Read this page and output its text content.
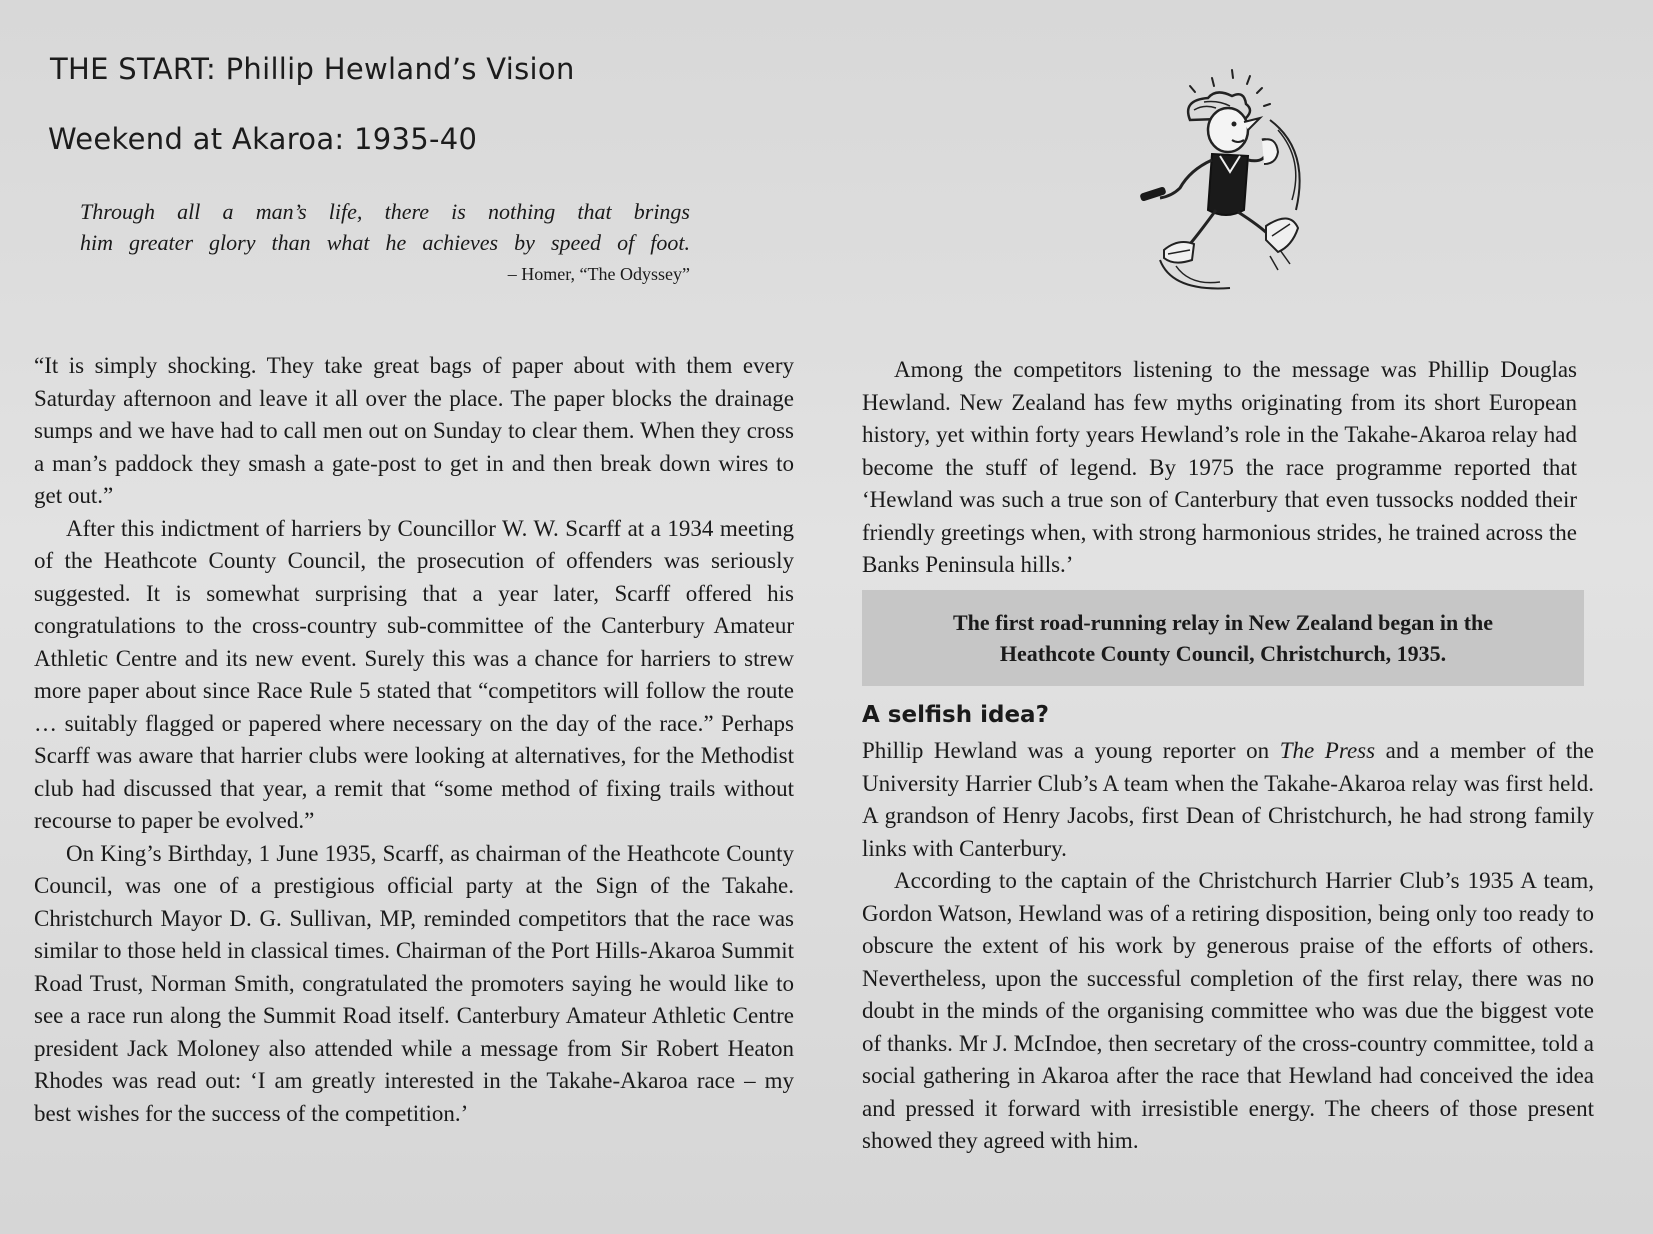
THE START: Phillip Hewland’s Vision
Weekend at Akaroa: 1935-40
Through all a man’s life, there is nothing that brings
him greater glory than what he achieves by speed of foot.
– Homer, “The Odyssey”

“It is simply shocking. They take great bags of paper about with them every Saturday afternoon and leave it all over the place. The paper blocks the drainage sumps and we have had to call men out on Sunday to clear them. When they cross a man’s paddock they smash a gate-post to get in and then break down wires to get out.”

After this indictment of harriers by Councillor W. W. Scarff at a 1934 meeting of the Heathcote County Council, the prosecution of offenders was seriously suggested. It is somewhat surprising that a year later, Scarff offered his congratulations to the cross-country sub-committee of the Canterbury Amateur Athletic Centre and its new event. Surely this was a chance for harriers to strew more paper about since Race Rule 5 stated that “competitors will follow the route … suitably flagged or papered where necessary on the day of the race.” Perhaps Scarff was aware that harrier clubs were looking at alternatives, for the Methodist club had discussed that year, a remit that “some method of fixing trails without recourse to paper be evolved.”

On King’s Birthday, 1 June 1935, Scarff, as chairman of the Heathcote County Council, was one of a prestigious official party at the Sign of the Takahe. Christchurch Mayor D. G. Sullivan, MP, reminded competitors that the race was similar to those held in classical times. Chairman of the Port Hills-Akaroa Summit Road Trust, Norman Smith, congratulated the promoters saying he would like to see a race run along the Summit Road itself. Canterbury Amateur Athletic Centre president Jack Moloney also attended while a message from Sir Robert Heaton Rhodes was read out: ‘I am greatly interested in the Takahe-Akaroa race – my best wishes for the success of the competition.’

Among the competitors listening to the message was Phillip Douglas Hewland. New Zealand has few myths originating from its short European history, yet within forty years Hewland’s role in the Takahe-Akaroa relay had become the stuff of legend. By 1975 the race programme reported that ‘Hewland was such a true son of Canterbury that even tussocks nodded their friendly greetings when, with strong harmonious strides, he trained across the Banks Peninsula hills.’

The first road-running relay in New Zealand began in the
Heathcote County Council, Christchurch, 1935.
A selfish idea?

Phillip Hewland was a young reporter on The Press and a member of the University Harrier Club’s A team when the Takahe-Akaroa relay was first held. A grandson of Henry Jacobs, first Dean of Christchurch, he had strong family links with Canterbury.

According to the captain of the Christchurch Harrier Club’s 1935 A team, Gordon Watson, Hewland was of a retiring disposition, being only too ready to obscure the extent of his work by generous praise of the efforts of others. Nevertheless, upon the successful completion of the first relay, there was no doubt in the minds of the organising committee who was due the biggest vote of thanks. Mr J. McIndoe, then secretary of the cross-country committee, told a social gathering in Akaroa after the race that Hewland had conceived the idea and pressed it forward with irresistible energy. The cheers of those present showed they agreed with him.
